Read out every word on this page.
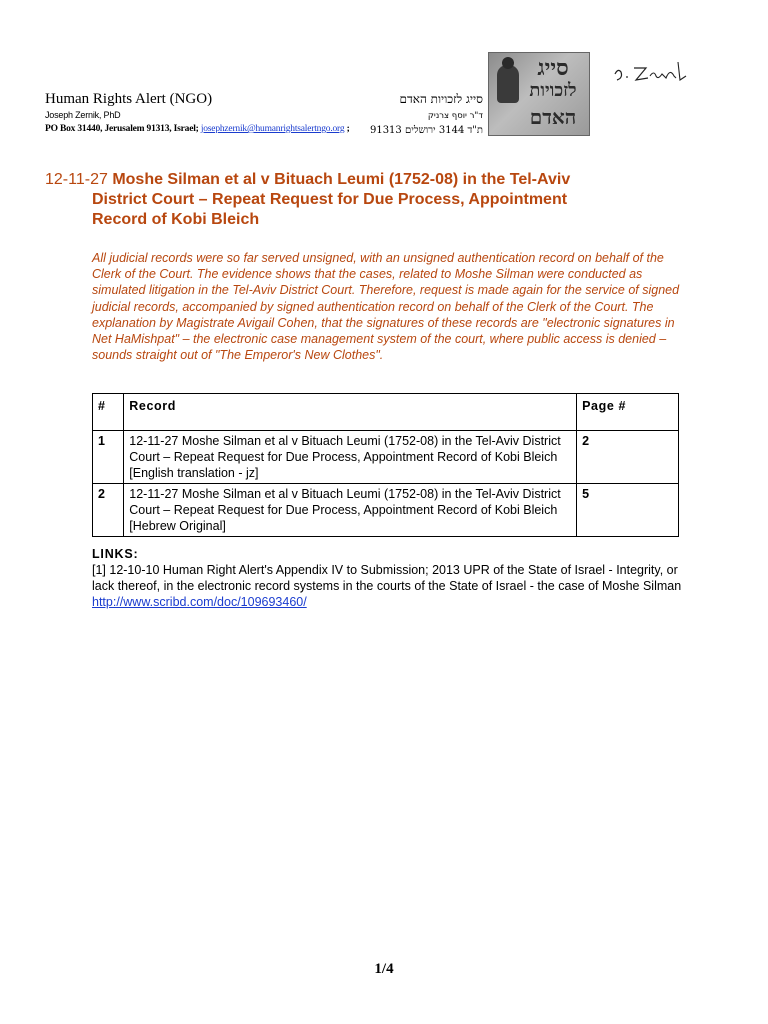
Human Rights Alert (NGO)
Joseph Zernik, PhD
PO Box 31440, Jerusalem 91313, Israel; josephzernik@humanrightsalertngo.org ;
סייג לזכויות האדם
ד"ר יוסף צרניק
ת"ד 3144 ירושלים 91313
סייג
לזכויות
האדם
12-11-27 Moshe Silman et al v Bituach Leumi (1752-08) in the Tel-Aviv
District Court – Repeat Request for Due Process, Appointment
Record of Kobi Bleich
All judicial records were so far served unsigned, with an unsigned authentication record on behalf of the Clerk of the Court. The evidence shows that the cases, related to Moshe Silman were conducted as simulated litigation in the Tel-Aviv District Court. Therefore, request is made again for the service of signed judicial records, accompanied by signed authentication record on behalf of the Clerk of the Court. The explanation by Magistrate Avigail Cohen, that the signatures of these records are "electronic signatures in Net HaMishpat" – the electronic case management system of the court, where public access is denied – sounds straight out of "The Emperor's New Clothes".
#	Record	Page #
1	12-11-27 Moshe Silman et al v Bituach Leumi (1752-08) in the Tel-Aviv District Court – Repeat Request for Due Process, Appointment Record of Kobi Bleich [English translation - jz]	2
2	12-11-27 Moshe Silman et al v Bituach Leumi (1752-08) in the Tel-Aviv District Court – Repeat Request for Due Process, Appointment Record of Kobi Bleich [Hebrew Original]	5
LINKS:
[1] 12-10-10 Human Right Alert's Appendix IV to Submission; 2013 UPR of the State of Israel - Integrity, or lack thereof, in the electronic record systems in the courts of the State of Israel - the case of Moshe Silman
http://www.scribd.com/doc/109693460/
1/4
